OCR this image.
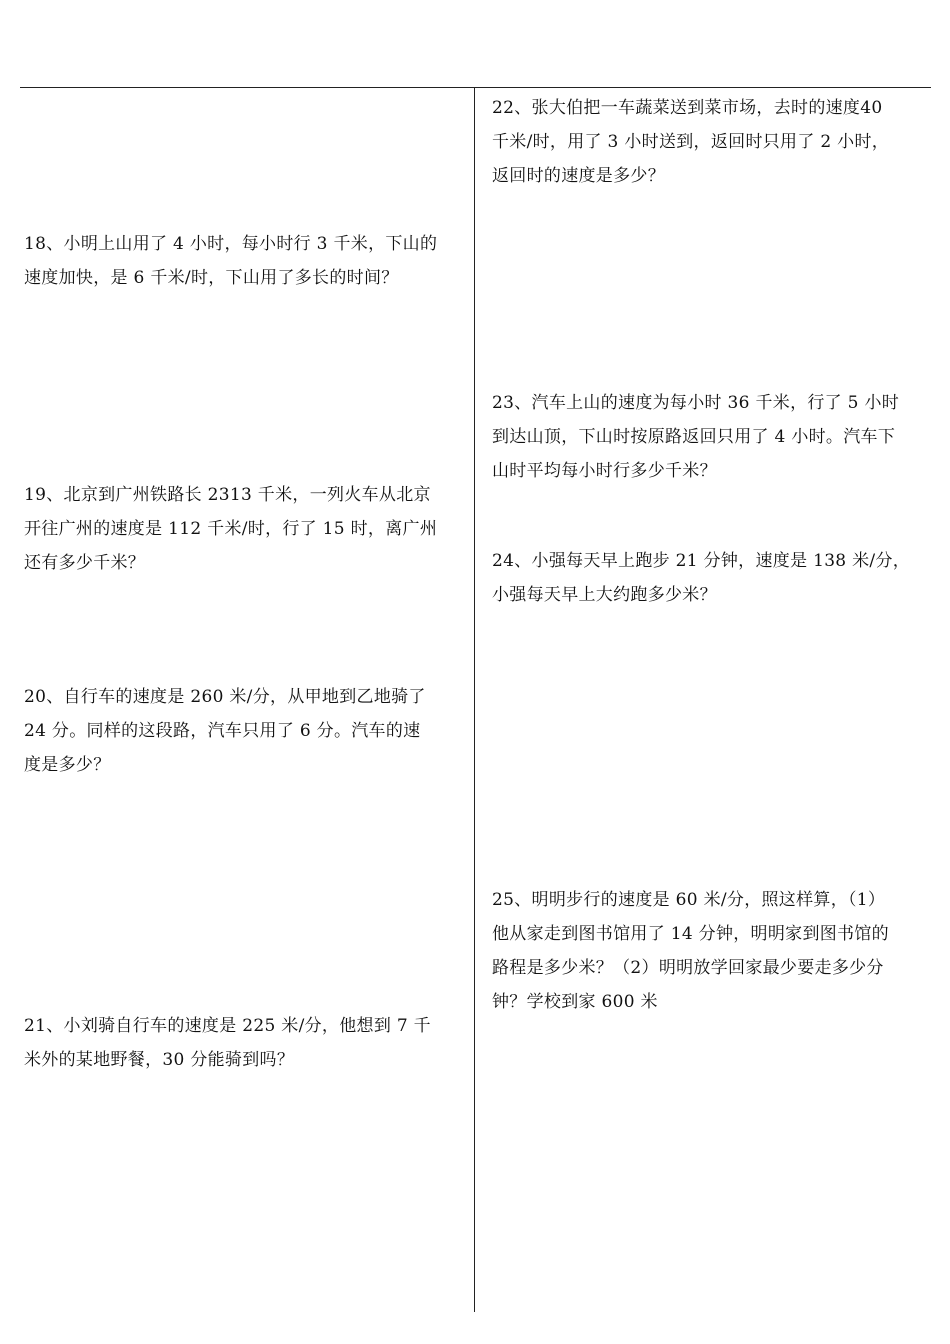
18、小明上山用了 4 小时，每小时行 3 千米，下山的
速度加快，是 6 千米/时，下山用了多长的时间？
19、北京到广州铁路长 2313 千米，一列火车从北京
开往广州的速度是 112 千米/时，行了 15 时，离广州
还有多少千米？
20、自行车的速度是 260 米/分，从甲地到乙地骑了
24 分。同样的这段路，汽车只用了 6 分。汽车的速
度是多少？
21、小刘骑自行车的速度是 225 米/分，他想到 7 千
米外的某地野餐，30 分能骑到吗？
22、张大伯把一车蔬菜送到菜市场，去时的速度40
千米/时，用了 3 小时送到，返回时只用了 2 小时，
返回时的速度是多少？
23、汽车上山的速度为每小时 36 千米，行了 5 小时
到达山顶，下山时按原路返回只用了 4 小时。汽车下
山时平均每小时行多少千米？
24、小强每天早上跑步 21 分钟，速度是 138 米/分，
小强每天早上大约跑多少米？
25、明明步行的速度是 60 米/分，照这样算，（1）
他从家走到图书馆用了 14 分钟，明明家到图书馆的
路程是多少米？（2）明明放学回家最少要走多少分
钟？学校到家 600 米
